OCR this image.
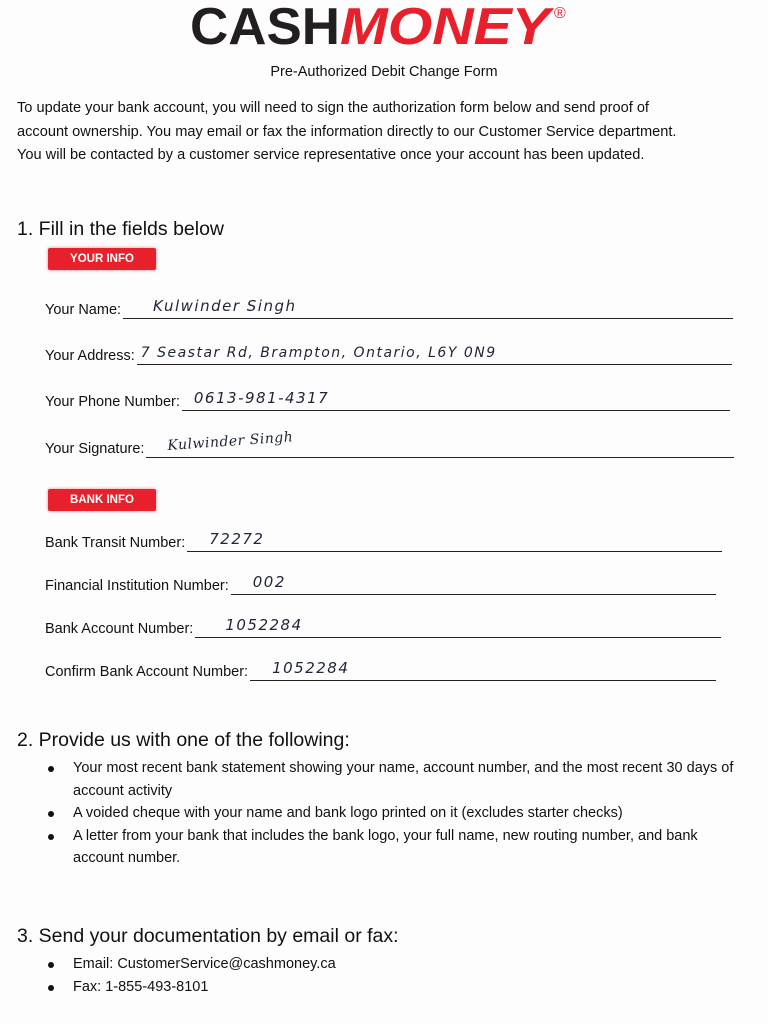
CASH MONEY ®
Pre-Authorized Debit Change Form
To update your bank account, you will need to sign the authorization form below and send proof of
account ownership. You may email or fax the information directly to our Customer Service department.
You will be contacted by a customer service representative once your account has been updated.
1. Fill in the fields below
YOUR INFO
Your Name: Kulwinder Singh
Your Address: 7 Seastar Rd, Brampton, Ontario, L6Y 0N9
Your Phone Number: 0613-981-4317
Your Signature: Kulwinder Singh
BANK INFO
Bank Transit Number: 72272
Financial Institution Number: 002
Bank Account Number: 1052284
Confirm Bank Account Number: 1052284
2. Provide us with one of the following:
Your most recent bank statement showing your name, account number, and the most recent 30 days of account activity
A voided cheque with your name and bank logo printed on it (excludes starter checks)
A letter from your bank that includes the bank logo, your full name, new routing number, and bank account number.
3. Send your documentation by email or fax:
Email: CustomerService@cashmoney.ca
Fax: 1-855-493-8101
